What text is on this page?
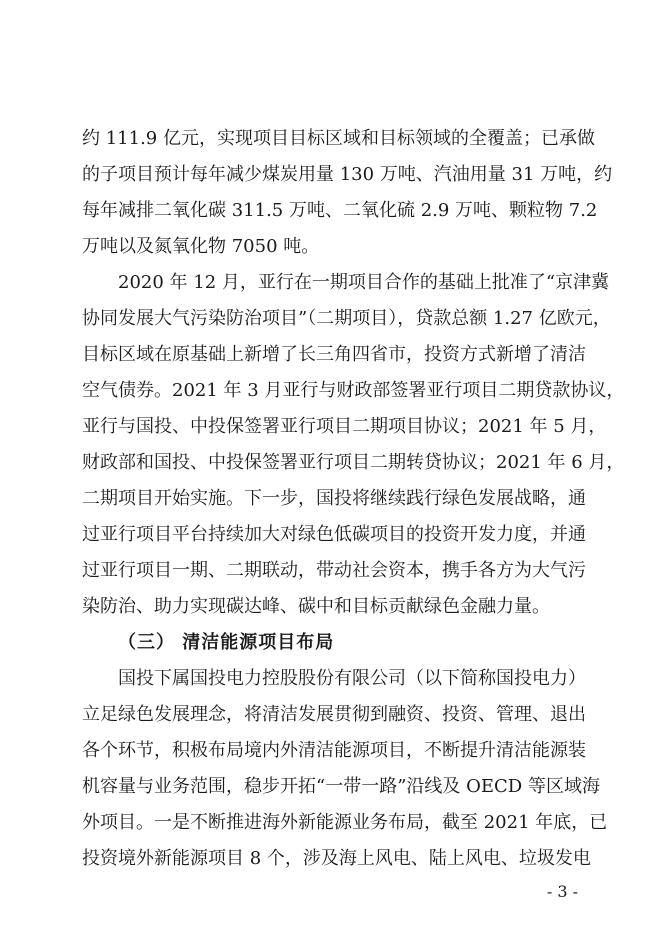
约 111.9 亿元，实现项目目标区域和目标领域的全覆盖；已承做
的子项目预计每年减少煤炭用量 130 万吨、汽油用量 31 万吨，约
每年减排二氧化碳 311.5 万吨、二氧化硫 2.9 万吨、颗粒物 7.2
万吨以及氮氧化物 7050 吨。
2020 年 12 月，亚行在一期项目合作的基础上批准了“京津冀
协同发展大气污染防治项目”（二期项目），贷款总额 1.27 亿欧元，
目标区域在原基础上新增了长三角四省市，投资方式新增了清洁
空气债券。2021 年 3 月亚行与财政部签署亚行项目二期贷款协议，
亚行与国投、中投保签署亚行项目二期项目协议；2021 年 5 月，
财政部和国投、中投保签署亚行项目二期转贷协议；2021 年 6 月，
二期项目开始实施。下一步，国投将继续践行绿色发展战略，通
过亚行项目平台持续加大对绿色低碳项目的投资开发力度，并通
过亚行项目一期、二期联动，带动社会资本，携手各方为大气污
染防治、助力实现碳达峰、碳中和目标贡献绿色金融力量。
（三） 清洁能源项目布局
国投下属国投电力控股股份有限公司（以下简称国投电力）
立足绿色发展理念，将清洁发展贯彻到融资、投资、管理、退出
各个环节，积极布局境内外清洁能源项目，不断提升清洁能源装
机容量与业务范围，稳步开拓“一带一路”沿线及 OECD 等区域海
外项目。一是不断推进海外新能源业务布局，截至 2021 年底，已
投资境外新能源项目 8 个，涉及海上风电、陆上风电、垃圾发电
- 3 -
